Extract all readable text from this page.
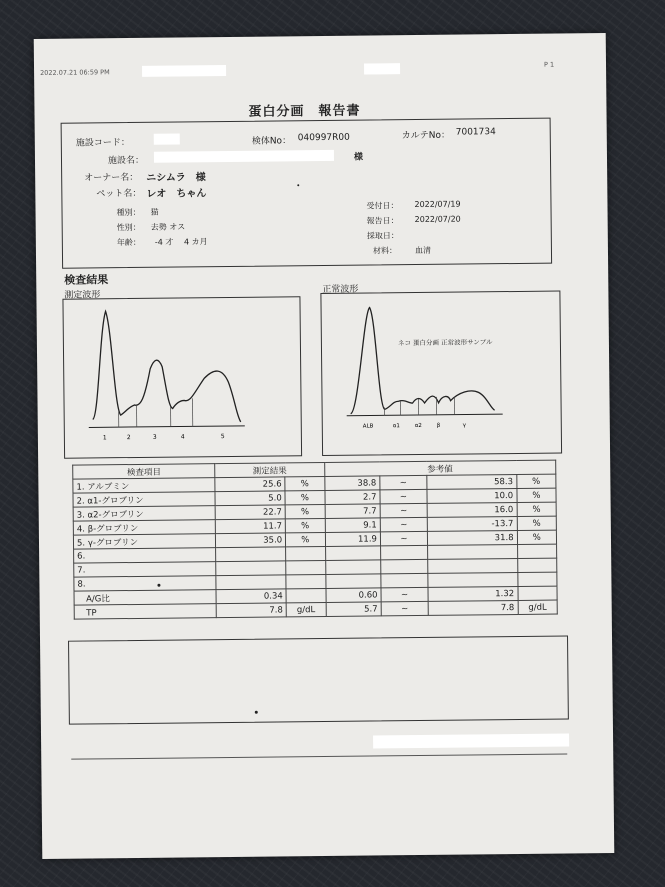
2022.07.21 06:59 PM
P 1
蛋白分画　報告書
施設コード：	検体No： 040997R00	カルテNo： 7001734
施設名：	様
オーナー名： ニシムラ　様
ペット名： レオ　ちゃん
種別： 猫
性別： 去勢 オス
年齢： -4 才　 4 カ月
受付日： 2022/07/19
報告日： 2022/07/20
採取日：
材料： 血清
検査結果
測定波形
正常波形
1	2	3	4	5
ネコ 蛋白分画 正常波形サンプル
ALB	α1	α2	β	γ
検査項目	測定結果		参考値			
1. アルブミン	25.6	%	38.8	~	58.3	%
2. α1-グロブリン	5.0	%	2.7	~	10.0	%
3. α2-グロブリン	22.7	%	7.7	~	16.0	%
4. β-グロブリン	11.7	%	9.1	~	-13.7	%
5. γ-グロブリン	35.0	%	11.9	~	31.8	%
6.						
7.						
8.						
　A/G比	0.34		0.60	~	1.32	
　TP	7.8	g/dL	5.7	~	7.8	g/dL
